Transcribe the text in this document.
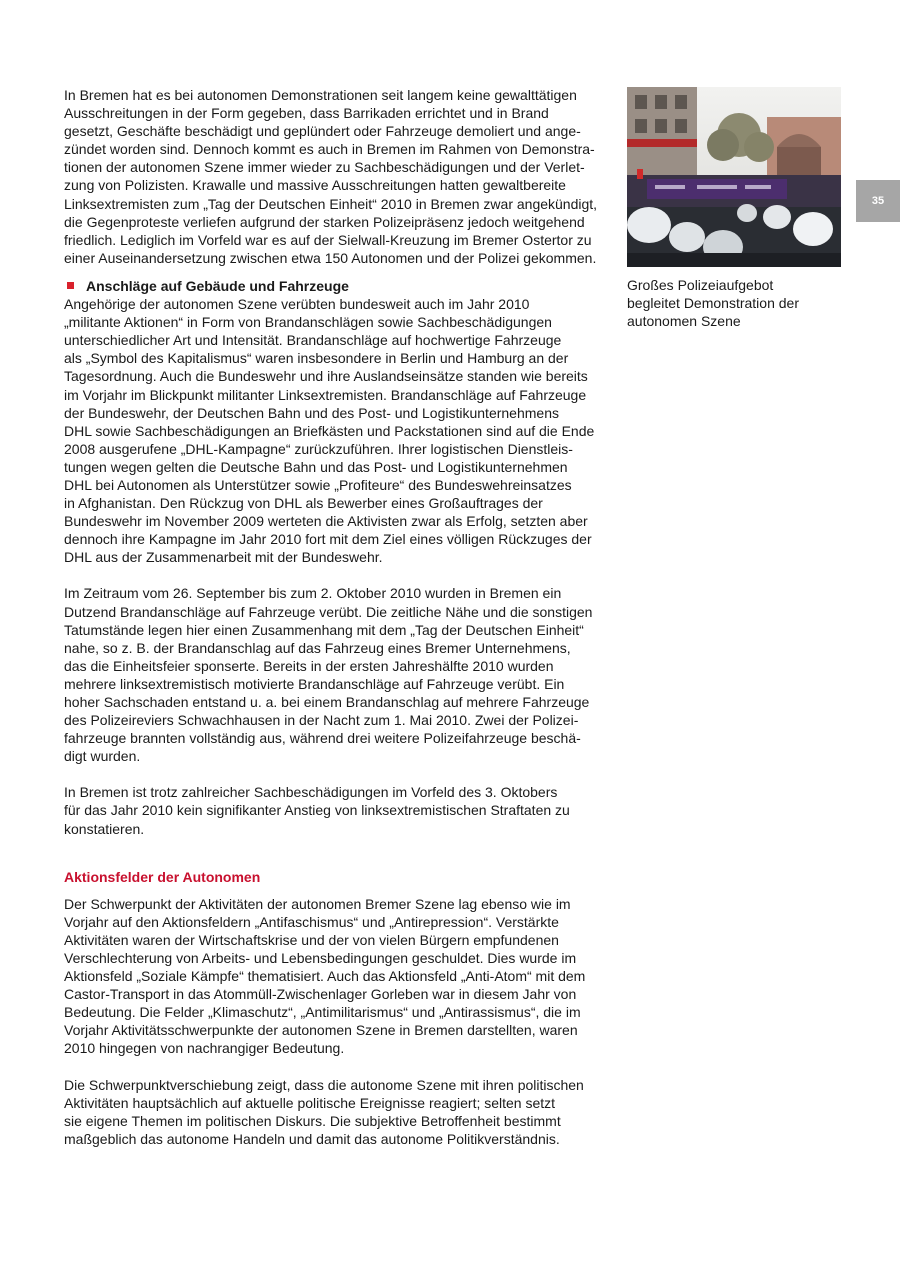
In Bremen hat es bei autonomen Demonstrationen seit langem keine gewalttätigen
Ausschreitungen in der Form gegeben, dass Barrikaden errichtet und in Brand
gesetzt, Geschäfte beschädigt und geplündert oder Fahrzeuge demoliert und ange-
zündet worden sind. Dennoch kommt es auch in Bremen im Rahmen von Demonstra-
tionen der autonomen Szene immer wieder zu Sachbeschädigungen und der Verlet-
zung von Polizisten. Krawalle und massive Ausschreitungen hatten gewaltbereite
Linksextremisten zum „Tag der Deutschen Einheit“ 2010 in Bremen zwar angekündigt,
die Gegenproteste verliefen aufgrund der starken Polizeipräsenz jedoch weitgehend
friedlich. Lediglich im Vorfeld war es auf der Sielwall-Kreuzung im Bremer Ostertor zu
einer Auseinandersetzung zwischen etwa 150 Autonomen und der Polizei gekommen.
Anschläge auf Gebäude und Fahrzeuge
Angehörige der autonomen Szene verübten bundesweit auch im Jahr 2010
„militante Aktionen“ in Form von Brandanschlägen sowie Sachbeschädigungen
unterschiedlicher Art und Intensität. Brandanschläge auf hochwertige Fahrzeuge
als „Symbol des Kapitalismus“ waren insbesondere in Berlin und Hamburg an der
Tagesordnung. Auch die Bundeswehr und ihre Auslandseinsätze standen wie bereits
im Vorjahr im Blickpunkt militanter Linksextremisten. Brandanschläge auf Fahrzeuge
der Bundeswehr, der Deutschen Bahn und des Post- und Logistikunternehmens
DHL sowie Sachbeschädigungen an Briefkästen und Packstationen sind auf die Ende
2008 ausgerufene „DHL-Kampagne“ zurückzuführen. Ihrer logistischen Dienstleis-
tungen wegen gelten die Deutsche Bahn und das Post- und Logistikunternehmen
DHL bei Autonomen als Unterstützer sowie „Profiteure“ des Bundeswehreinsatzes
in Afghanistan. Den Rückzug von DHL als Bewerber eines Großauftrages der
Bundeswehr im November 2009 werteten die Aktivisten zwar als Erfolg, setzten aber
dennoch ihre Kampagne im Jahr 2010 fort mit dem Ziel eines völligen Rückzuges der
DHL aus der Zusammenarbeit mit der Bundeswehr.
Im Zeitraum vom 26. September bis zum 2. Oktober 2010 wurden in Bremen ein
Dutzend Brandanschläge auf Fahrzeuge verübt. Die zeitliche Nähe und die sonstigen
Tatumstände legen hier einen Zusammenhang mit dem „Tag der Deutschen Einheit“
nahe, so z. B. der Brandanschlag auf das Fahrzeug eines Bremer Unternehmens,
das die Einheitsfeier sponserte. Bereits in der ersten Jahreshälfte 2010 wurden
mehrere linksextremistisch motivierte Brandanschläge auf Fahrzeuge verübt. Ein
hoher Sachschaden entstand u. a. bei einem Brandanschlag auf mehrere Fahrzeuge
des Polizeireviers Schwachhausen in der Nacht zum 1. Mai 2010. Zwei der Polizei-
fahrzeuge brannten vollständig aus, während drei weitere Polizeifahrzeuge beschä-
digt wurden.
In Bremen ist trotz zahlreicher Sachbeschädigungen im Vorfeld des 3. Oktobers
für das Jahr 2010 kein signifikanter Anstieg von linksextremistischen Straftaten zu
konstatieren.
Aktionsfelder der Autonomen
Der Schwerpunkt der Aktivitäten der autonomen Bremer Szene lag ebenso wie im
Vorjahr auf den Aktionsfeldern „Antifaschismus“ und „Antirepression“. Verstärkte
Aktivitäten waren der Wirtschaftskrise und der von vielen Bürgern empfundenen
Verschlechterung von Arbeits- und Lebensbedingungen geschuldet. Dies wurde im
Aktionsfeld „Soziale Kämpfe“ thematisiert. Auch das Aktionsfeld „Anti-Atom“ mit dem
Castor-Transport in das Atommüll-Zwischenlager Gorleben war in diesem Jahr von
Bedeutung. Die Felder „Klimaschutz“, „Antimilitarismus“ und „Antirassismus“, die im
Vorjahr Aktivitätsschwerpunkte der autonomen Szene in Bremen darstellten, waren
2010 hingegen von nachrangiger Bedeutung.
Die Schwerpunktverschiebung zeigt, dass die autonome Szene mit ihren politischen
Aktivitäten hauptsächlich auf aktuelle politische Ereignisse reagiert; selten setzt
sie eigene Themen im politischen Diskurs. Die subjektive Betroffenheit bestimmt
maßgeblich das autonome Handeln und damit das autonome Politikverständnis.
Großes Polizeiaufgebot
begleitet Demonstration der
autonomen Szene
35
